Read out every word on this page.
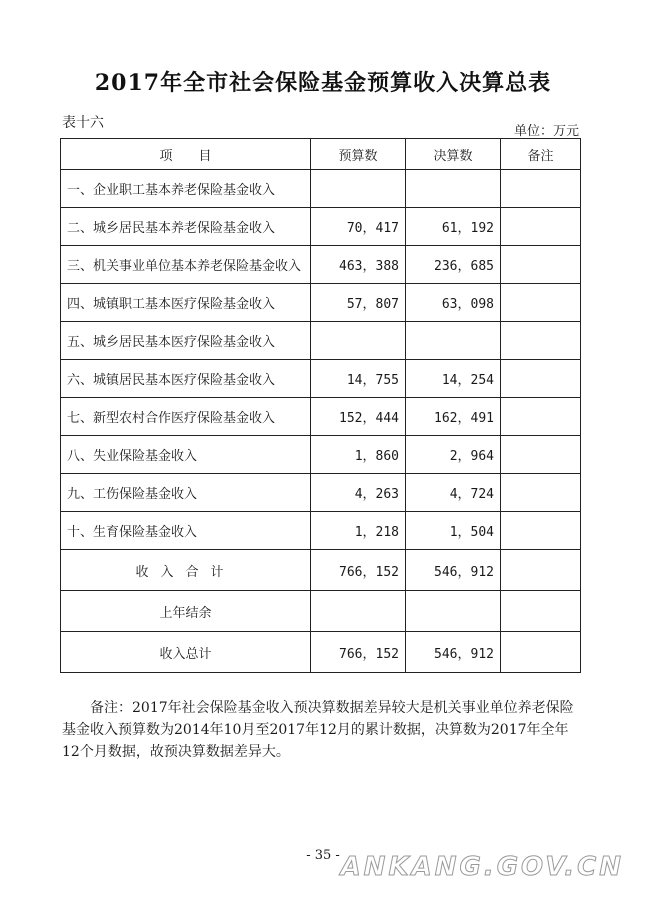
2017年全市社会保险基金预算收入决算总表
表十六
单位：万元
项　　目	预算数	决算数	备注
一、企业职工基本养老保险基金收入			
二、城乡居民基本养老保险基金收入	70，417	61，192	
三、机关事业单位基本养老保险基金收入	463，388	236，685	
四、城镇职工基本医疗保险基金收入	57，807	63，098	
五、城乡居民基本医疗保险基金收入			
六、城镇居民基本医疗保险基金收入	14，755	14，254	
七、新型农村合作医疗保险基金收入	152，444	162，491	
八、失业保险基金收入	1，860	2，964	
九、工伤保险基金收入	4，263	4，724	
十、生育保险基金收入	1，218	1，504	
收入合计	766，152	546，912	
上年结余			
收入总计	766，152	546，912	
备注：2017年社会保险基金收入预决算数据差异较大是机关事业单位养老保险基金收入预算数为2014年10月至2017年12月的累计数据，决算数为2017年全年12个月数据，故预决算数据差异大。
- 35 - ANKANG.GOV.CN
